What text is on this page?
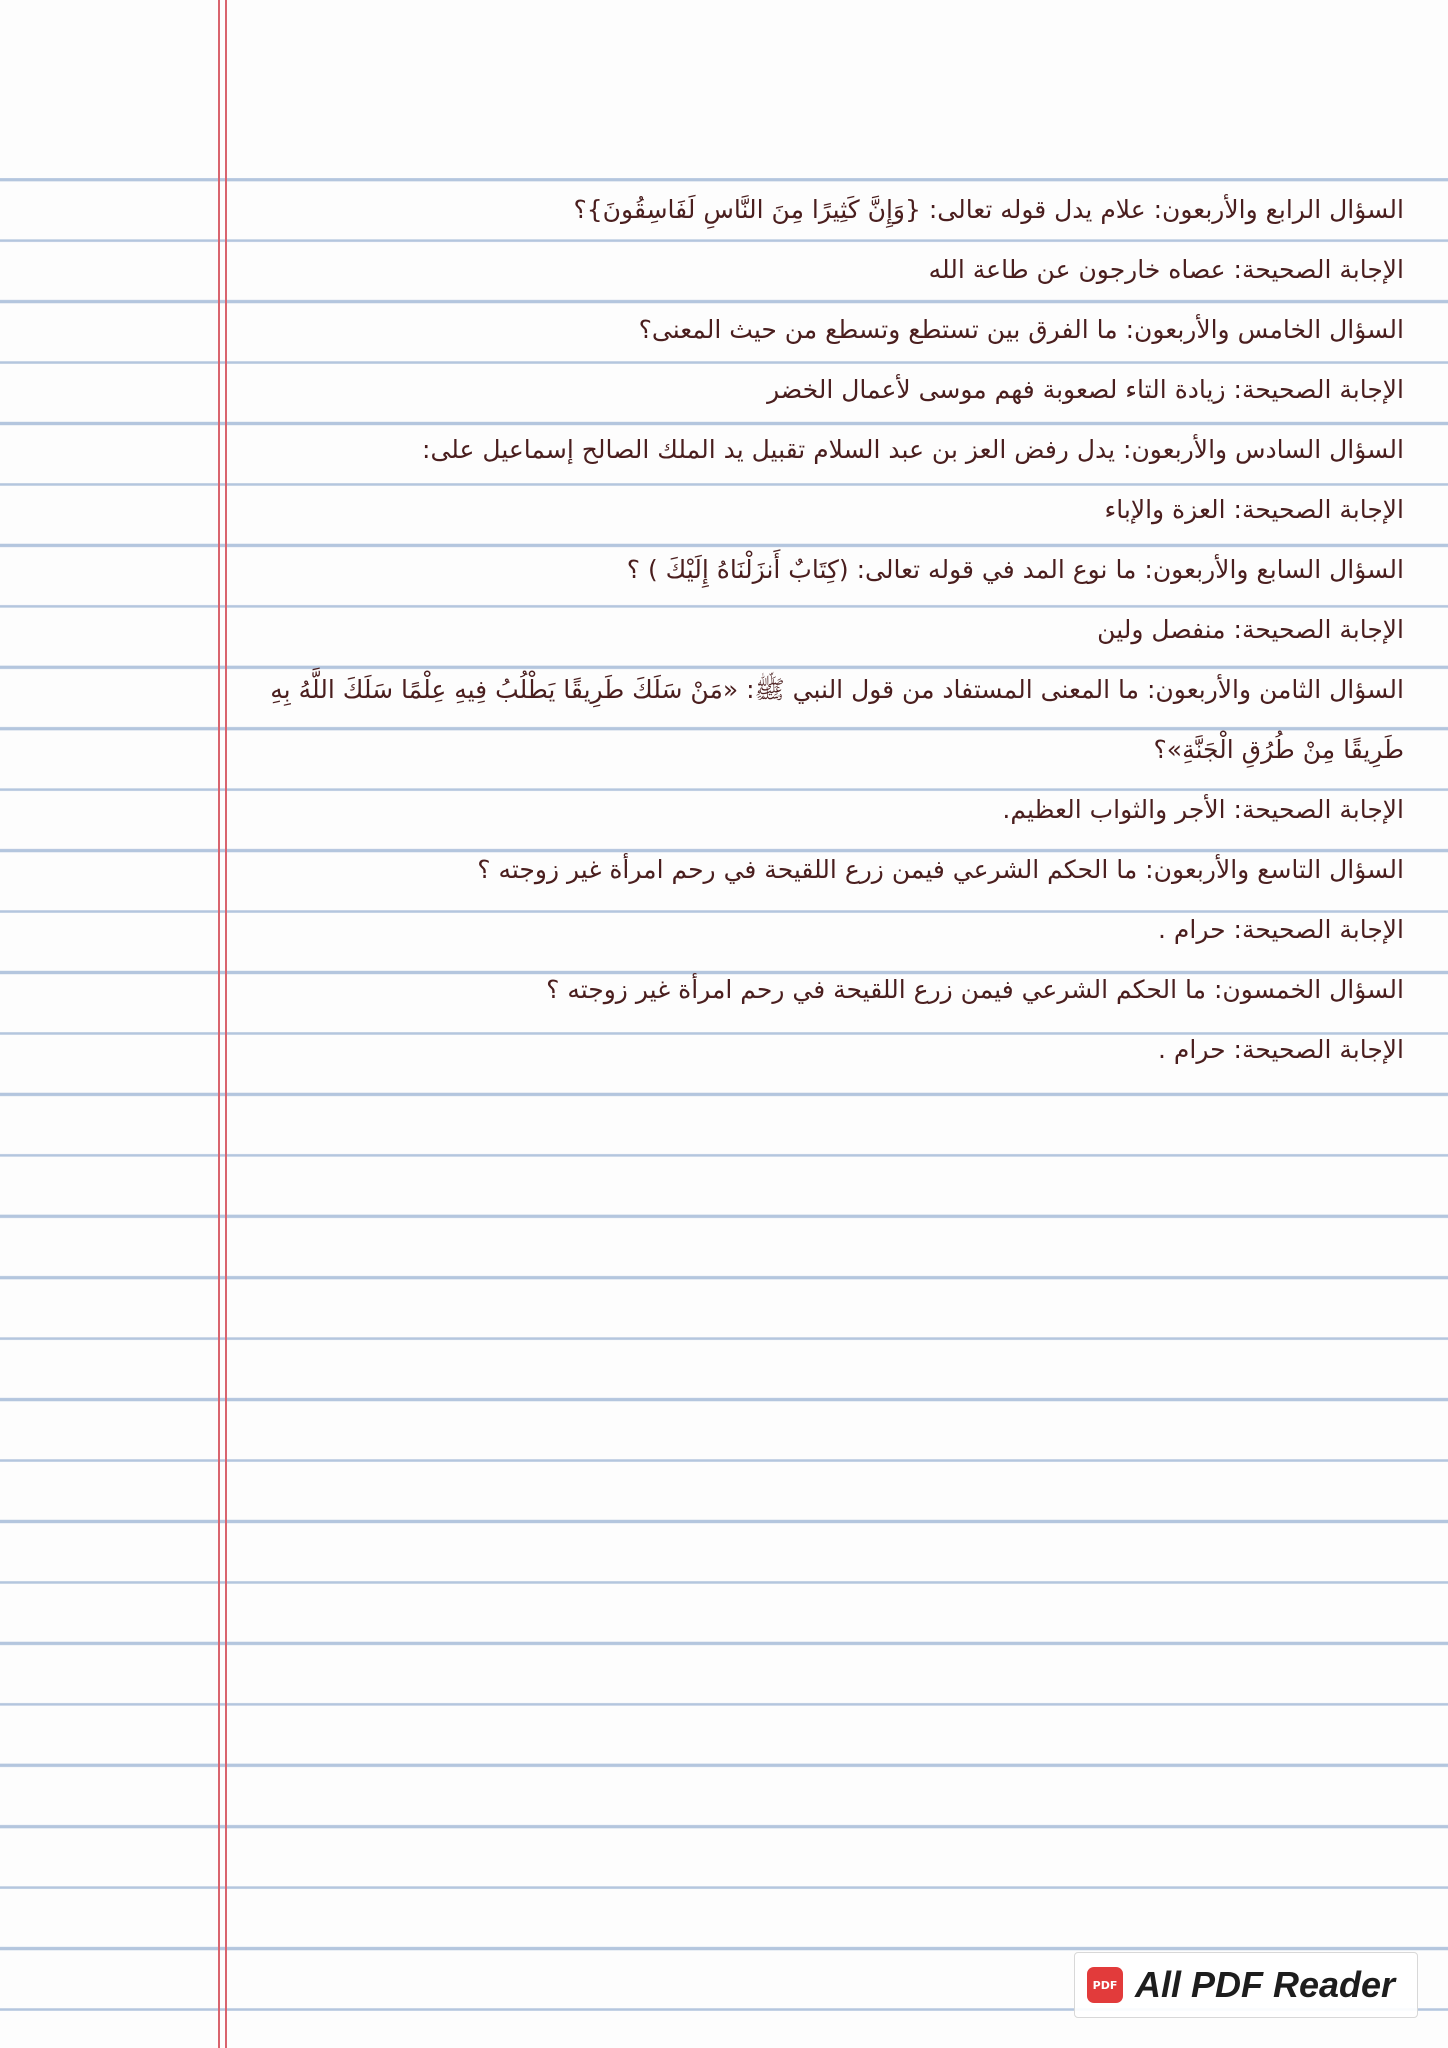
السؤال الرابع والأربعون: علام يدل قوله تعالى: {وَإِنَّ كَثِيرًا مِنَ النَّاسِ لَفَاسِقُونَ}؟
الإجابة الصحيحة: عصاه خارجون عن طاعة الله
السؤال الخامس والأربعون: ما الفرق بين تستطع وتسطع من حيث المعنى؟
الإجابة الصحيحة: زيادة التاء لصعوبة فهم موسى لأعمال الخضر
السؤال السادس والأربعون: يدل رفض العز بن عبد السلام تقبيل يد الملك الصالح إسماعيل على:
الإجابة الصحيحة: العزة والإباء
السؤال السابع والأربعون: ما نوع المد في قوله تعالى: (كِتَابٌ أَنزَلْنَاهُ إِلَيْكَ ) ؟
الإجابة الصحيحة: منفصل ولين
السؤال الثامن والأربعون: ما المعنى المستفاد من قول النبي ﷺ: «مَنْ سَلَكَ طَرِيقًا يَطْلُبُ فِيهِ عِلْمًا سَلَكَ اللَّهُ بِهِ
طَرِيقًا مِنْ طُرُقِ الْجَنَّةِ»؟
الإجابة الصحيحة: الأجر والثواب العظيم.
السؤال التاسع والأربعون: ما الحكم الشرعي فيمن زرع اللقيحة في رحم امرأة غير زوجته ؟
الإجابة الصحيحة: حرام .
السؤال الخمسون: ما الحكم الشرعي فيمن زرع اللقيحة في رحم امرأة غير زوجته ؟
الإجابة الصحيحة: حرام .
PDF All PDF Reader
